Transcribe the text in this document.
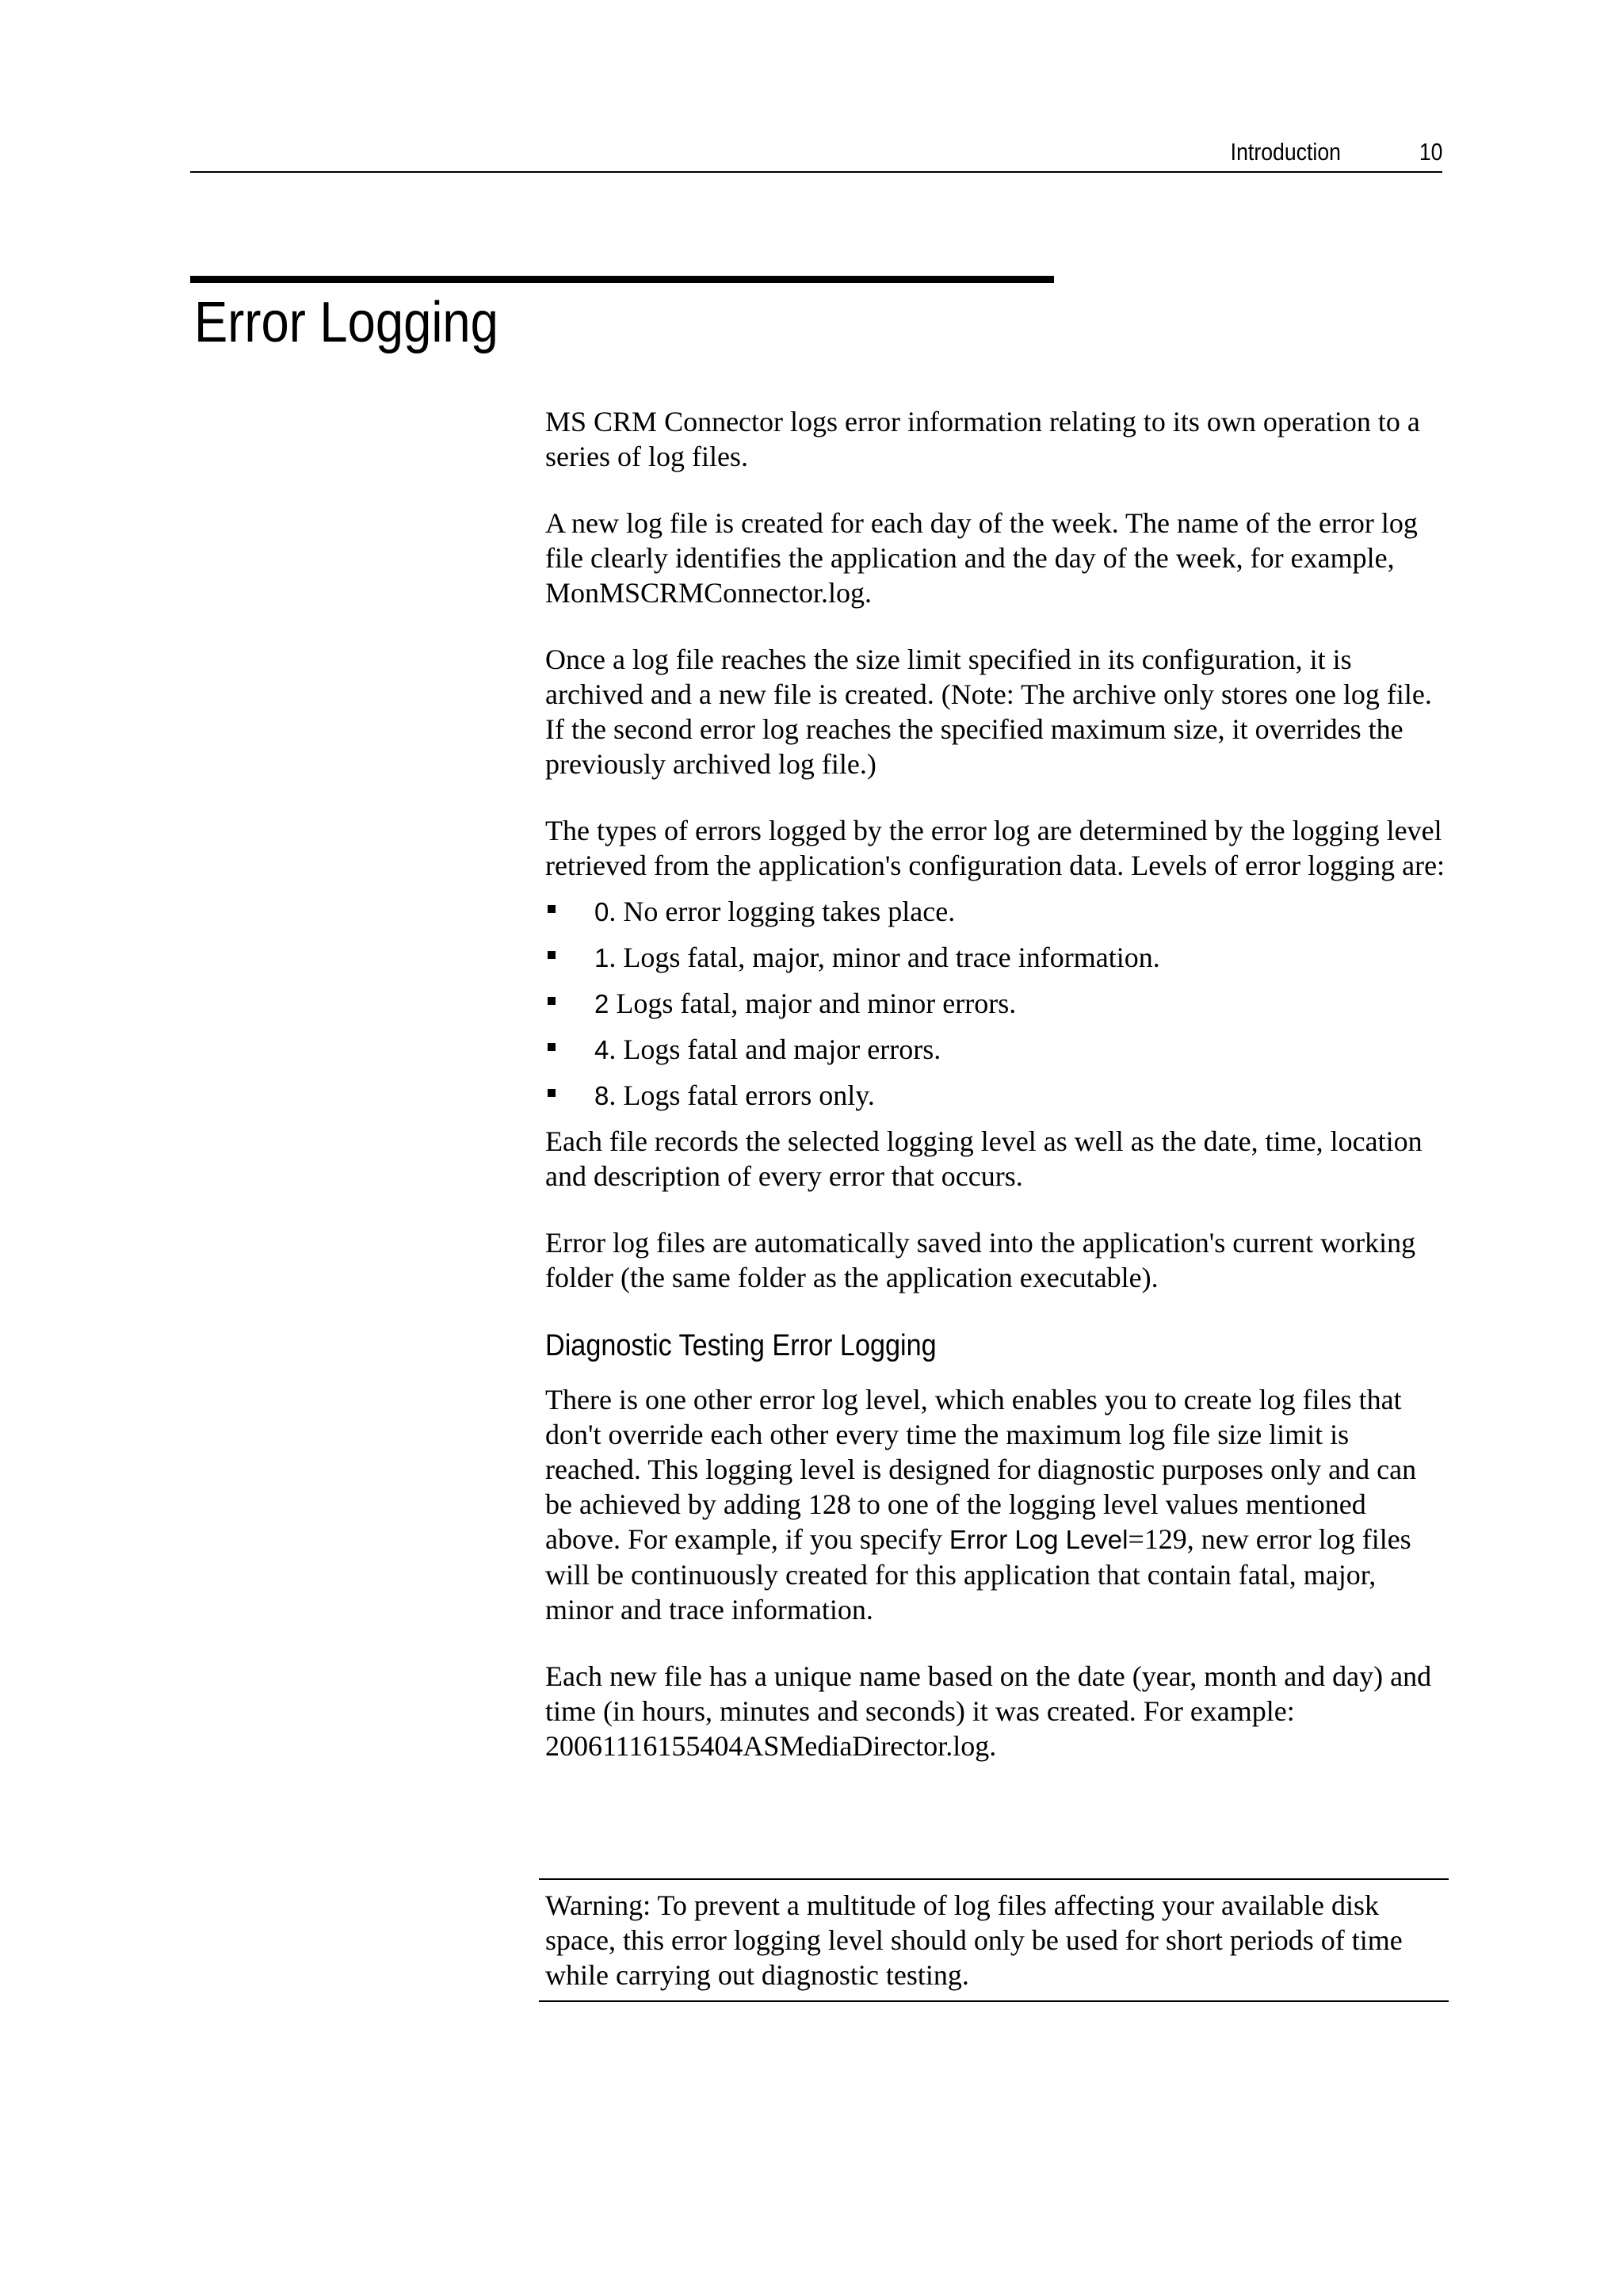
Introduction	10
Error Logging

MS CRM Connector logs error information relating to its own operation to a series of log files.

A new log file is created for each day of the week. The name of the error log file clearly identifies the application and the day of the week, for example, MonMSCRMConnector.log.

Once a log file reaches the size limit specified in its configuration, it is archived and a new file is created. (Note: The archive only stores one log file. If the second error log reaches the specified maximum size, it overrides the previously archived log file.)

The types of errors logged by the error log are determined by the logging level retrieved from the application's configuration data. Levels of error logging are:

0. No error logging takes place.
1. Logs fatal, major, minor and trace information.
2 Logs fatal, major and minor errors.
4. Logs fatal and major errors.
8. Logs fatal errors only.

Each file records the selected logging level as well as the date, time, location and description of every error that occurs.

Error log files are automatically saved into the application's current working folder (the same folder as the application executable).

Diagnostic Testing Error Logging

There is one other error log level, which enables you to create log files that don't override each other every time the maximum log file size limit is reached. This logging level is designed for diagnostic purposes only and can be achieved by adding 128 to one of the logging level values mentioned above. For example, if you specify Error Log Level=129, new error log files will be continuously created for this application that contain fatal, major, minor and trace information.

Each new file has a unique name based on the date (year, month and day) and time (in hours, minutes and seconds) it was created. For example: 20061116155404ASMediaDirector.log.

Warning: To prevent a multitude of log files affecting your available disk space, this error logging level should only be used for short periods of time while carrying out diagnostic testing.
